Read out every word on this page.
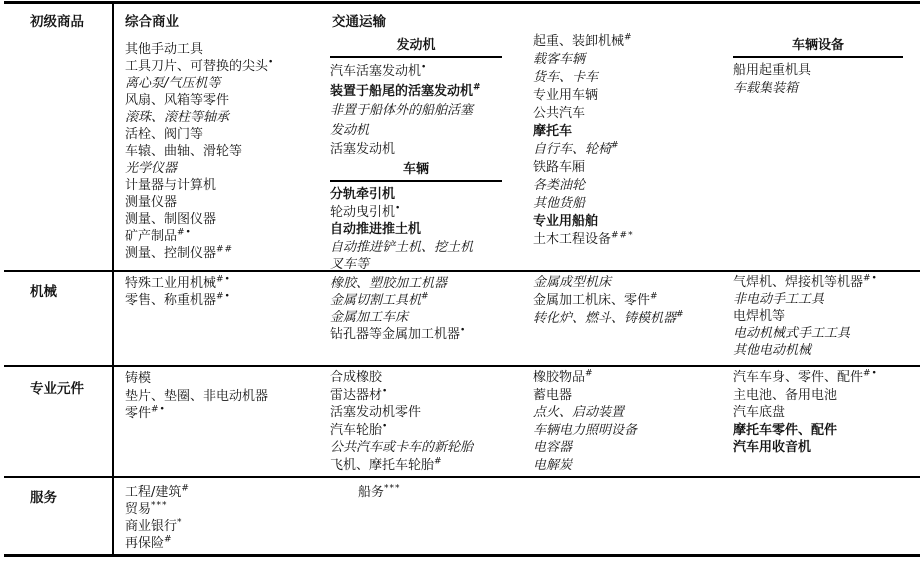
初级商品
机械
专业元件
服务
综合商业	交通运输
其他手动工具
工具刀片、可替换的尖头•
离心泵/气压机等
风扇、风箱等零件
滚珠、滚柱等轴承
活栓、阀门等
车辕、曲轴、滑轮等
光学仪器
计量器与计算机
测量仪器
测量、制图仪器
矿产制品#•
测量、控制仪器##
发动机
汽车活塞发动机•
装置于船尾的活塞发动机#
非置于船体外的船舶活塞
发动机
活塞发动机
车辆
分轨牵引机
轮动曳引机•
自动推进推土机
自动推进铲土机、挖土机
叉车等
起重、装卸机械#
载客车辆
货车、卡车
专业用车辆
公共汽车
摩托车
自行车、轮椅#
铁路车厢
各类油轮
其他货船
专业用船舶
土木工程设备##*
车辆设备
船用起重机具
车载集装箱
特殊工业用机械#•
零售、称重机器#•
橡胶、塑胶加工机器
金属切割工具机#
金属加工车床
钻孔器等金属加工机器•
金属成型机床
金属加工机床、零件#
转化炉、燃斗、铸模机器#
气焊机、焊接机等机器#•
非电动手工工具
电焊机等
电动机械式手工工具
其他电动机械
铸模
垫片、垫圈、非电动机器
零件#•
合成橡胶
雷达器材•
活塞发动机零件
汽车轮胎•
公共汽车或卡车的新轮胎
飞机、摩托车轮胎#
橡胶物品#
蓄电器
点火、启动装置
车辆电力照明设备
电容器
电解炭
汽车车身、零件、配件#•
主电池、备用电池
汽车底盘
摩托车零件、配件
汽车用收音机
工程/建筑#
贸易***
商业银行*
再保险#
船务***
